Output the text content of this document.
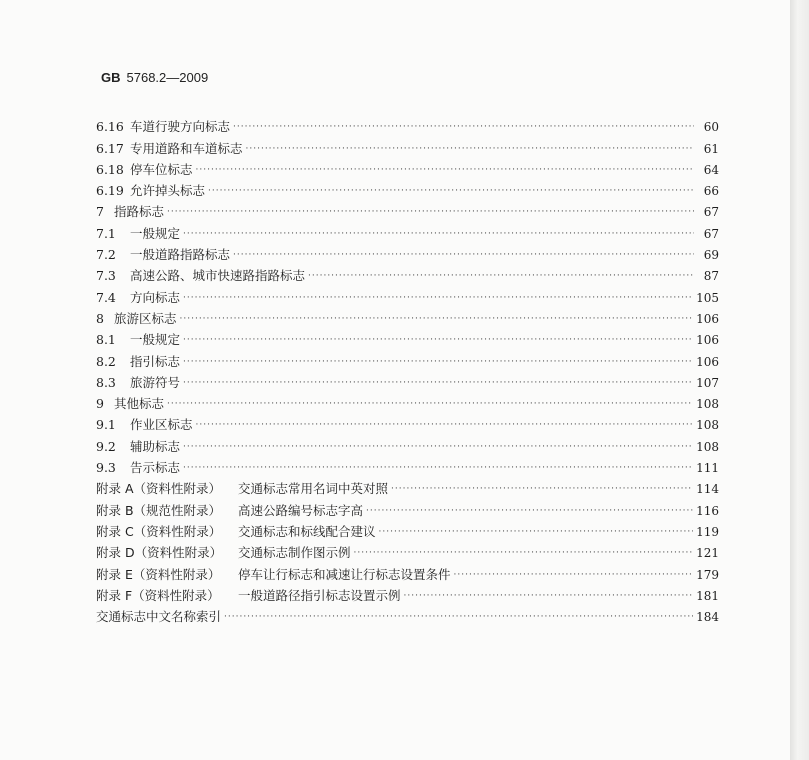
GB 5768.2—2009
6.16 车道行驶方向标志 ·····	60
6.17 专用道路和车道标志 ·····	61
6.18 停车位标志 ·····	64
6.19 允许掉头标志 ·····	66
7 指路标志 ·····	67
7.1	一般规定 ·····	67
7.2	一般道路指路标志 ·····	69
7.3	高速公路、城市快速路指路标志 ·····	87
7.4	方向标志 ·····	105
8 旅游区标志 ·····	106
8.1	一般规定 ·····	106
8.2	指引标志 ·····	106
8.3	旅游符号 ·····	107
9 其他标志 ·····	108
9.1	作业区标志 ·····	108
9.2	辅助标志 ·····	108
9.3	告示标志 ·····	111
附录 A（资料性附录）	交通标志常用名词中英对照 ·····	114
附录 B（规范性附录）	高速公路编号标志字高 ·····	116
附录 C（资料性附录）	交通标志和标线配合建议 ·····	119
附录 D（资料性附录）	交通标志制作图示例 ·····	121
附录 E（资料性附录）	停车让行标志和减速让行标志设置条件 ·····	179
附录 F（资料性附录）	一般道路径指引标志设置示例 ·····	181
交通标志中文名称索引 ·····	184
